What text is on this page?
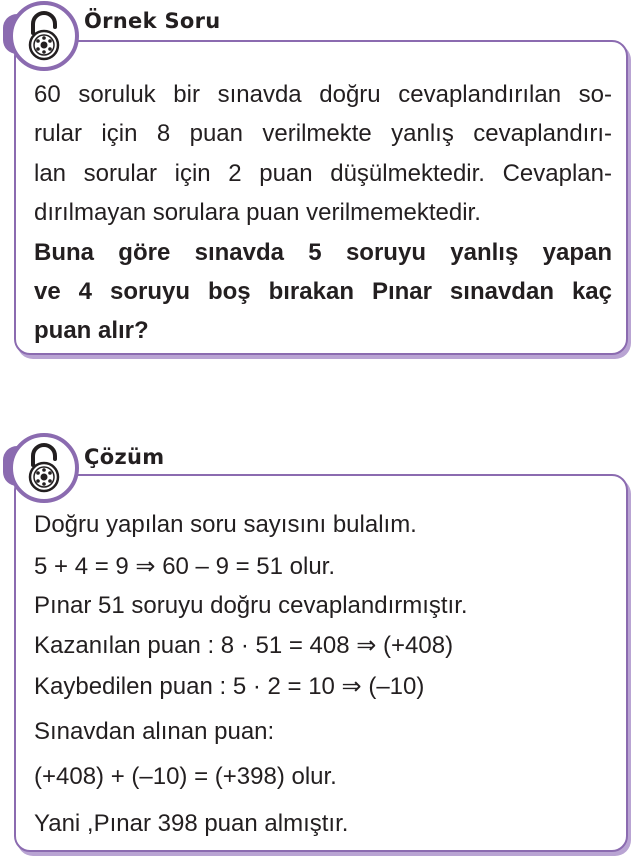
Örnek Soru
60 soruluk bir sınavda doğru cevaplandırılan so-
rular için 8 puan verilmekte yanlış cevaplandırı-
lan sorular için 2 puan düşülmektedir. Cevaplan-
dırılmayan sorulara puan verilmemektedir.
Buna göre sınavda 5 soruyu yanlış yapan
ve 4 soruyu boş bırakan Pınar sınavdan kaç
puan alır?
Çözüm
Doğru yapılan soru sayısını bulalım.
5 + 4 = 9 ⇒ 60 – 9 = 51 olur.
Pınar 51 soruyu doğru cevaplandırmıştır.
Kazanılan puan : 8 · 51 = 408 ⇒ (+408)
Kaybedilen puan : 5 · 2 = 10 ⇒ (–10)
Sınavdan alınan puan:
(+408) + (–10) = (+398) olur.
Yani ,Pınar 398 puan almıştır.
